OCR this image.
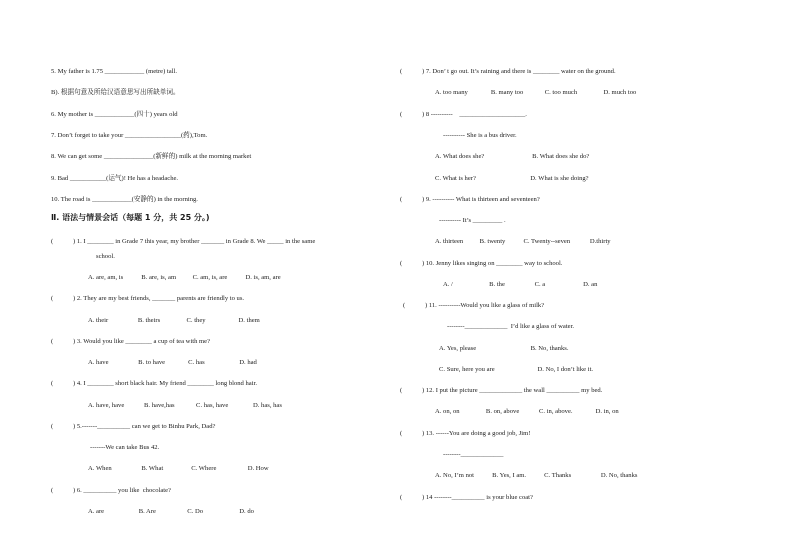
5. My father is 1.75 ____________ (metre) tall.
B). 根据句意及所给汉语意思写出所缺单词。
6. My mother is ____________(四十) years old
7. Don’t forget to take your _________________(药),Tom.
8. We can get some _______________(新鲜的) milk at the morning market
9. Bad ___________(运气)! He has a headache.
10. The road is ____________(安静的) in the morning.
Ⅱ. 语法与情景会话（每题 1 分，共 25 分。)
(            ) 1. I ________ in Grade 7 this year, my brother _______ in Grade 8. We _____ in the same
school.
A. are, am, is           B. are, is, am          C. am, is, are           D. is, am, are
(            ) 2. They are my best friends, _______ parents are friendly to us.
A. their                  B. theirs                C. they                    D. them
(            ) 3. Would you like ________ a cup of tea with me?
A. have                  B. to have              C. has                     D. had
(            ) 4. I ________ short black hair. My friend ________ long blond hair.
A. have, have            B. have,has             C. has, have               D. has, has
(            ) 5.-------__________ can we get to Binhu Park, Dad?
-------We can take Bus 42.
A. When                  B. What                 C. Where                   D. How
(            ) 6. __________ you like  chocolate?
A. are                     B. Are                   C. Do                      D. do
(            ) 7. Don’ t go out. It’s raining and there is ________ water on the ground.
A. too many              B. many too             C. too much                D. much too
(            ) 8 ----------    ____________________.
---------- She is a bus driver.
A. What does she?                             B. What does she do?
C. What is her?                                 D. What is she doing?
(            ) 9. ---------- What is thirteen and seventeen?
---------- It’s _________ .
A. thirteen          B. twenty           C. Twenty--seven            D.thirty
(            ) 10. Jenny likes singing on ________ way to school.
A. /                      B. the                  C. a                       D. an
(            ) 11. ----------Would you like a glass of milk?
--------_____________  I’d like a glass of water.
A. Yes, please                                 B. No, thanks.
C. Sure, here you are                          D. No, I don’t like it.
(            ) 12. I put the picture _____________ the wall __________ my bed.
A. on, on                B. on, above            C. in, above.              D. in, on
(            ) 13. ------You are doing a good job, Jim!
--------_____________
A. No, I’m not           B. Yes, I am.           C. Thanks                  D. No, thanks
(            ) 14 --------__________ is your blue coat?
